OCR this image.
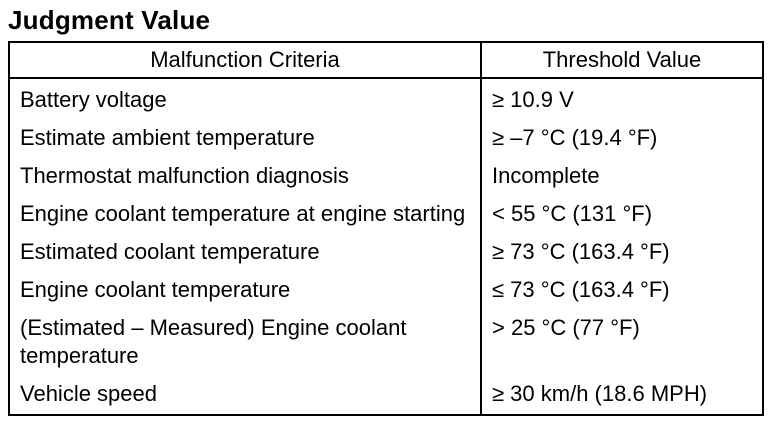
Judgment Value
Malfunction Criteria	Threshold Value
Battery voltage	≥ 10.9 V
Estimate ambient temperature	≥ –7 °C (19.4 °F)
Thermostat malfunction diagnosis	Incomplete
Engine coolant temperature at engine starting	< 55 °C (131 °F)
Estimated coolant temperature	≥ 73 °C (163.4 °F)
Engine coolant temperature	≤ 73 °C (163.4 °F)
(Estimated – Measured) Engine coolant temperature	> 25 °C (77 °F)
Vehicle speed	≥ 30 km/h (18.6 MPH)
